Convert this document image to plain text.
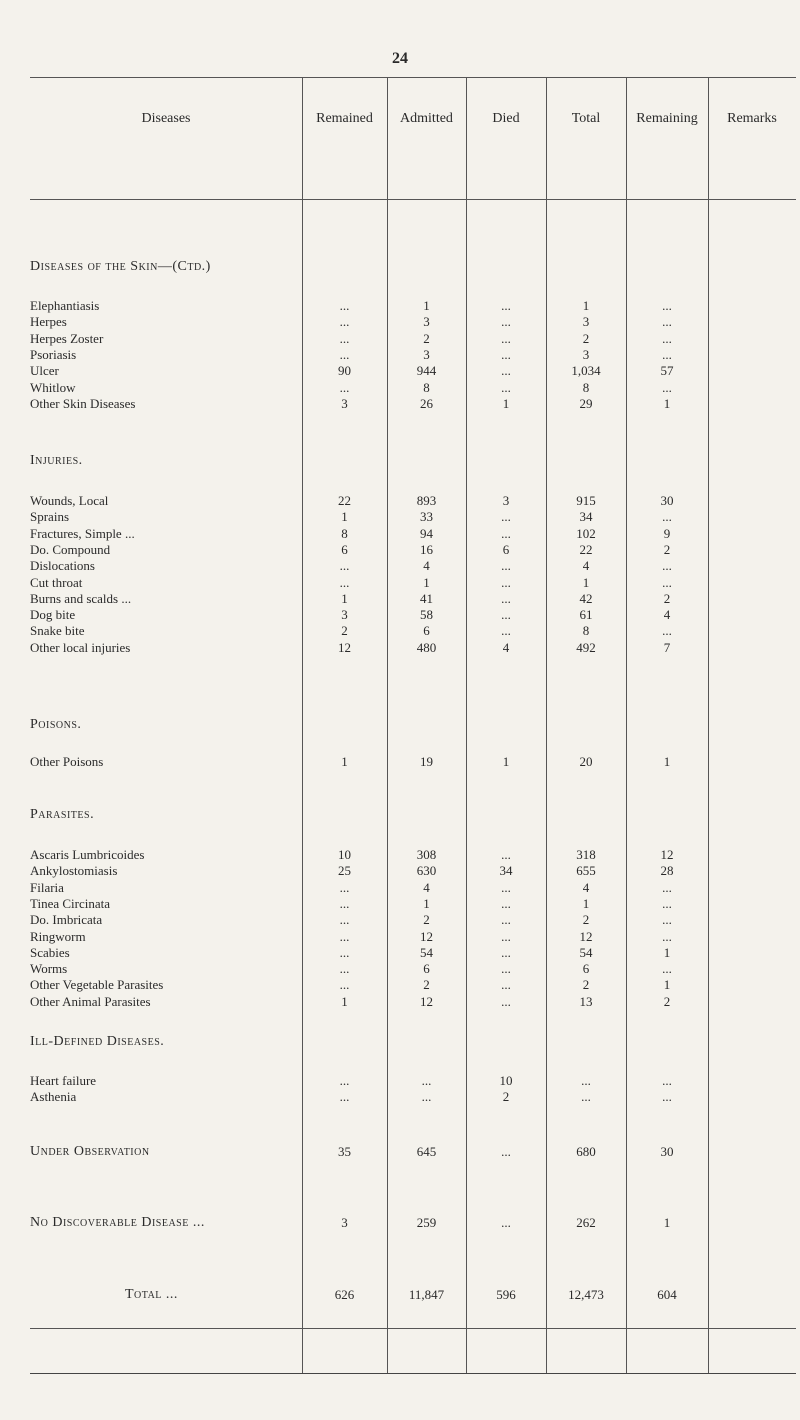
24
Diseases	Remained	Admitted	Died	Total	Remaining	Remarks
Diseases of the Skin—(Ctd.)
Elephantiasis	...	1	...	1	...
Herpes	...	3	...	3	...
Herpes Zoster	...	2	...	2	...
Psoriasis	...	3	...	3	...
Ulcer	90	944	...	1,034	57
Whitlow	...	8	...	8	...
Other Skin Diseases	3	26	1	29	1
Injuries.
Wounds, Local	22	893	3	915	30
Sprains	1	33	...	34	...
Fractures, Simple ...	8	94	...	102	9
Do. Compound	6	16	6	22	2
Dislocations	...	4	...	4	...
Cut throat	...	1	...	1	...
Burns and scalds ...	1	41	...	42	2
Dog bite	3	58	...	61	4
Snake bite	2	6	...	8	...
Other local injuries	12	480	4	492	7
Poisons.
Other Poisons	1	19	1	20	1
Parasites.
Ascaris Lumbricoides	10	308	...	318	12
Ankylostomiasis	25	630	34	655	28
Filaria	...	4	...	4	...
Tinea Circinata	...	1	...	1	...
Do. Imbricata	...	2	...	2	...
Ringworm	...	12	...	12	...
Scabies	...	54	...	54	1
Worms	...	6	...	6	...
Other Vegetable Parasites	...	2	...	2	1
Other Animal Parasites	1	12	...	13	2
Ill-Defined Diseases.
Heart failure	...	...	10	...	...
Asthenia	...	...	2	...	...
Under Observation	35	645	...	680	30
No Discoverable Disease ...	3	259	...	262	1
Total ...	626	11,847	596	12,473	604
